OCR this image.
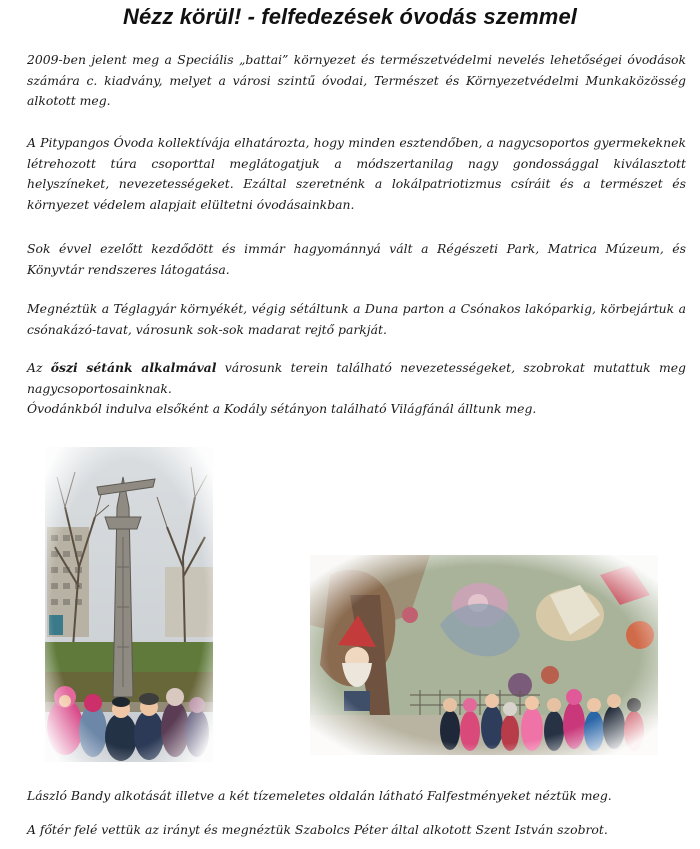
Nézz körül! - felfedezések óvodás szemmel

2009-ben jelent meg a Speciális „battai” környezet és természetvédelmi nevelés lehetőségei óvodások számára c. kiadvány, melyet a városi szintű óvodai, Természet és Környezetvédelmi Munkaközösség alkotott meg.

A Pitypangos Óvoda kollektívája elhatározta, hogy minden esztendőben, a nagycsoportos gyermekeknek létrehozott túra csoporttal meglátogatjuk a módszertanilag nagy gondossággal kiválasztott helyszíneket, nevezetességeket. Ezáltal szeretnénk a lokálpatriotizmus csíráit és a természet és környezet védelem alapjait elültetni óvodásainkban.

Sok évvel ezelőtt kezdődött és immár hagyománnyá vált a Régészeti Park, Matrica Múzeum, és Könyvtár rendszeres látogatása.

Megnéztük a Téglagyár környékét, végig sétáltunk a Duna parton a Csónakos lakóparkig, körbejártuk a csónakázó-tavat, városunk sok-sok madarat rejtő parkját.

Az őszi sétánk alkalmával városunk terein található nevezetességeket, szobrokat mutattuk meg nagycsoportosainknak.

Óvodánkból indulva elsőként a Kodály sétányon található Világfánál álltunk meg.

László Bandy alkotását illetve a két tízemeletes oldalán látható Falfestményeket néztük meg.

A főtér felé vettük az irányt és megnéztük Szabolcs Péter által alkotott Szent István szobrot.
